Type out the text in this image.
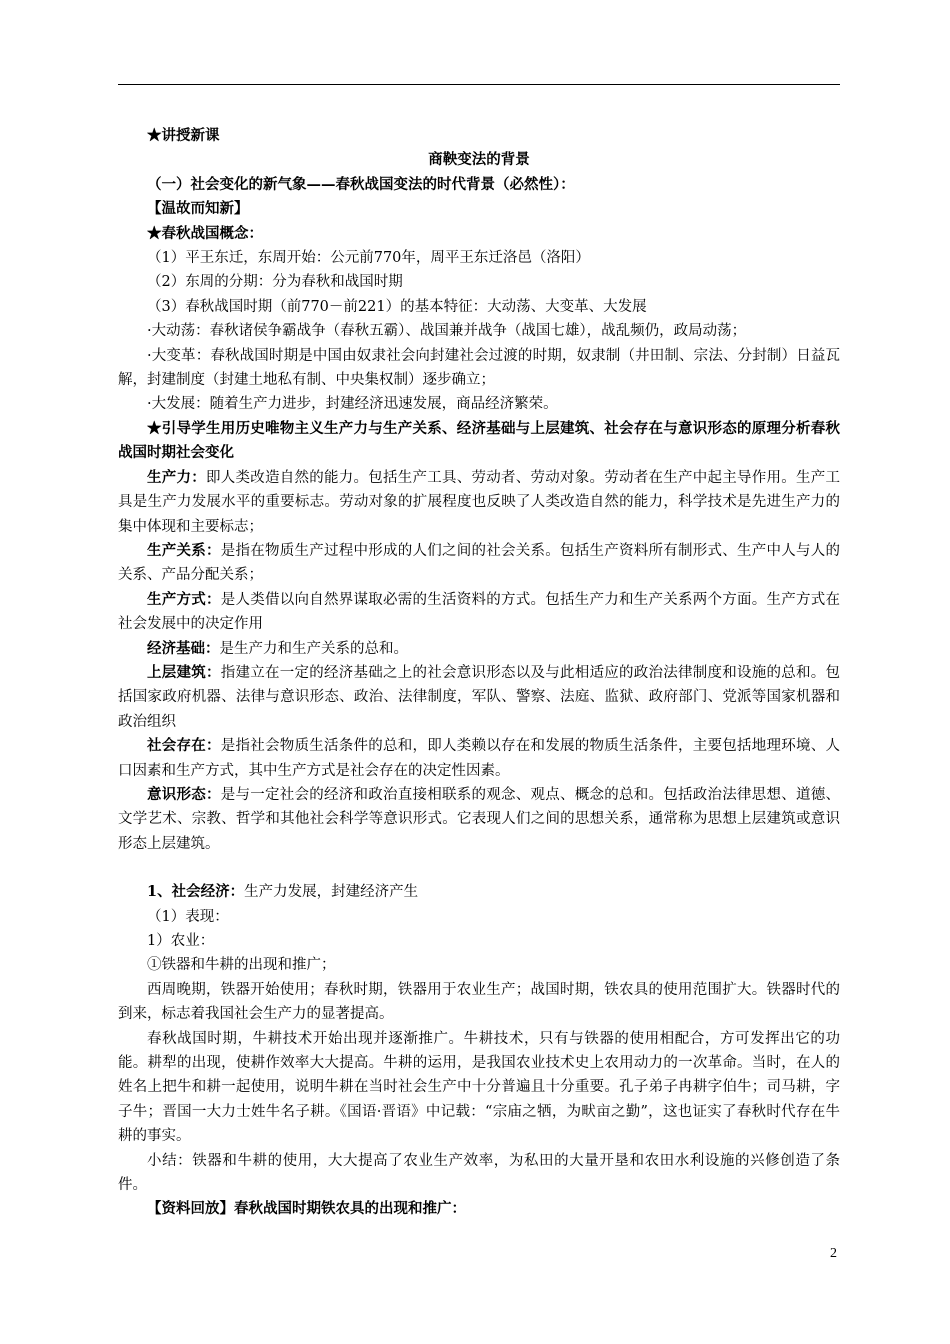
★讲授新课

商鞅变法的背景

（一）社会变化的新气象——春秋战国变法的时代背景（必然性）：

【温故而知新】

★春秋战国概念：

（1）平王东迁，东周开始：公元前770年，周平王东迁洛邑（洛阳）

（2）东周的分期：分为春秋和战国时期

（3）春秋战国时期（前770－前221）的基本特征：大动荡、大变革、大发展

·大动荡：春秋诸侯争霸战争（春秋五霸）、战国兼并战争（战国七雄），战乱频仍，政局动荡；

·大变革：春秋战国时期是中国由奴隶社会向封建社会过渡的时期，奴隶制（井田制、宗法、分封制）日益瓦解，封建制度（封建土地私有制、中央集权制）逐步确立；

·大发展：随着生产力进步，封建经济迅速发展，商品经济繁荣。

★引导学生用历史唯物主义生产力与生产关系、经济基础与上层建筑、社会存在与意识形态的原理分析春秋战国时期社会变化

生产力：即人类改造自然的能力。包括生产工具、劳动者、劳动对象。劳动者在生产中起主导作用。生产工具是生产力发展水平的重要标志。劳动对象的扩展程度也反映了人类改造自然的能力，科学技术是先进生产力的集中体现和主要标志；

生产关系：是指在物质生产过程中形成的人们之间的社会关系。包括生产资料所有制形式、生产中人与人的关系、产品分配关系；

生产方式：是人类借以向自然界谋取必需的生活资料的方式。包括生产力和生产关系两个方面。生产方式在社会发展中的决定作用

经济基础：是生产力和生产关系的总和。

上层建筑：指建立在一定的经济基础之上的社会意识形态以及与此相适应的政治法律制度和设施的总和。包括国家政府机器、法律与意识形态、政治、法律制度，军队、警察、法庭、监狱、政府部门、党派等国家机器和政治组织

社会存在：是指社会物质生活条件的总和，即人类赖以存在和发展的物质生活条件，主要包括地理环境、人口因素和生产方式，其中生产方式是社会存在的决定性因素。

意识形态：是与一定社会的经济和政治直接相联系的观念、观点、概念的总和。包括政治法律思想、道德、文学艺术、宗教、哲学和其他社会科学等意识形式。它表现人们之间的思想关系，通常称为思想上层建筑或意识形态上层建筑。

1、社会经济：生产力发展，封建经济产生

（1）表现：

1）农业：

①铁器和牛耕的出现和推广；

西周晚期，铁器开始使用；春秋时期，铁器用于农业生产；战国时期，铁农具的使用范围扩大。铁器时代的到来，标志着我国社会生产力的显著提高。

春秋战国时期，牛耕技术开始出现并逐渐推广。牛耕技术，只有与铁器的使用相配合，方可发挥出它的功能。耕犁的出现，使耕作效率大大提高。牛耕的运用，是我国农业技术史上农用动力的一次革命。当时，在人的姓名上把牛和耕一起使用，说明牛耕在当时社会生产中十分普遍且十分重要。孔子弟子冉耕字伯牛；司马耕，字子牛；晋国一大力士姓牛名子耕。《国语·晋语》中记载：“宗庙之牺，为畎亩之勤”，这也证实了春秋时代存在牛耕的事实。

小结：铁器和牛耕的使用，大大提高了农业生产效率，为私田的大量开垦和农田水利设施的兴修创造了条件。

【资料回放】春秋战国时期铁农具的出现和推广：

2
